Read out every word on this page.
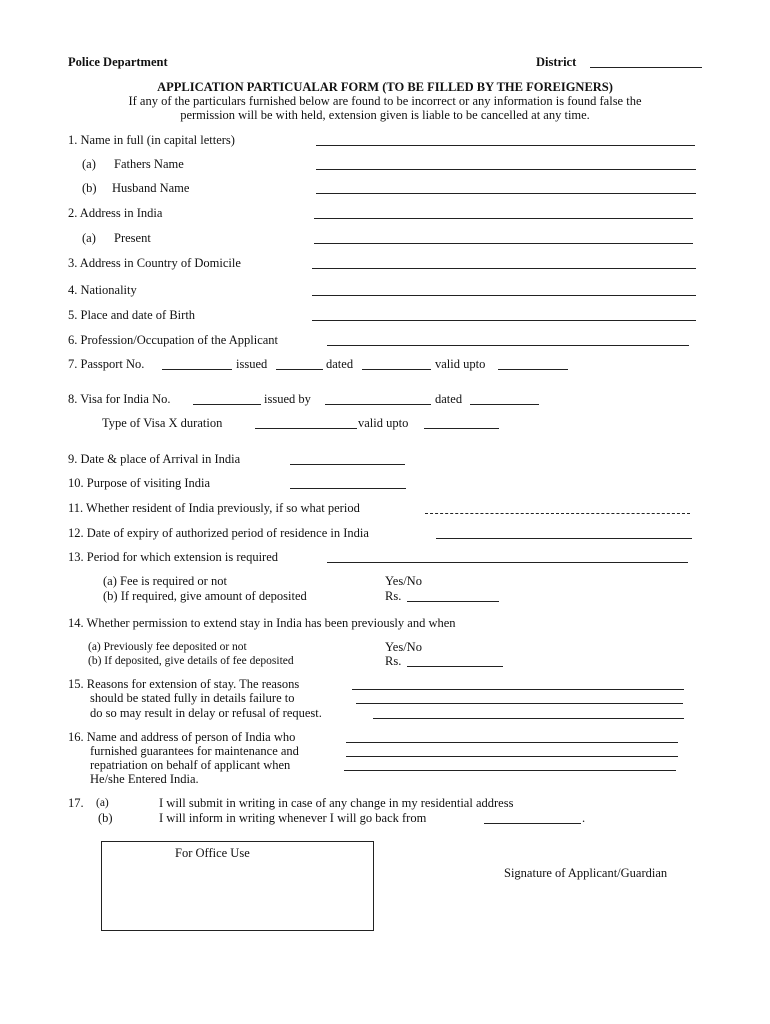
Police Department	District
APPLICATION PARTICUALAR FORM (TO BE FILLED BY THE FOREIGNERS)
If any of the particulars furnished below are found to be incorrect or any information is found false the
permission will be with held, extension given is liable to be cancelled at any time.
1. Name in full (in capital letters)
(a) Fathers Name
(b) Husband Name
2. Address in India
(a) Present
3. Address in Country of Domicile
4. Nationality
5. Place and date of Birth
6. Profession/Occupation of the Applicant
7. Passport No.	issued	dated	valid upto
8. Visa for India No.	issued by	dated
Type of Visa X duration	valid upto
9. Date & place of Arrival in India
10. Purpose of visiting India
11. Whether resident of India previously, if so what period
12. Date of expiry of authorized period of residence in India
13. Period for which extension is required
(a) Fee is required or not	Yes/No
(b) If required, give amount of deposited	Rs.
14. Whether permission to extend stay in India has been previously and when
(a) Previously fee deposited or not	Yes/No
(b) If deposited, give details of fee deposited	Rs.
15. Reasons for extension of stay. The reasons
should be stated fully in details failure to
do so may result in delay or refusal of request.
16. Name and address of person of India who
furnished guarantees for maintenance and
repatriation on behalf of applicant when
He/she Entered India.
17. (a)	I will submit in writing in case of any change in my residential address
(b)	I will inform in writing whenever I will go back from	.
For Office Use
Signature of Applicant/Guardian
